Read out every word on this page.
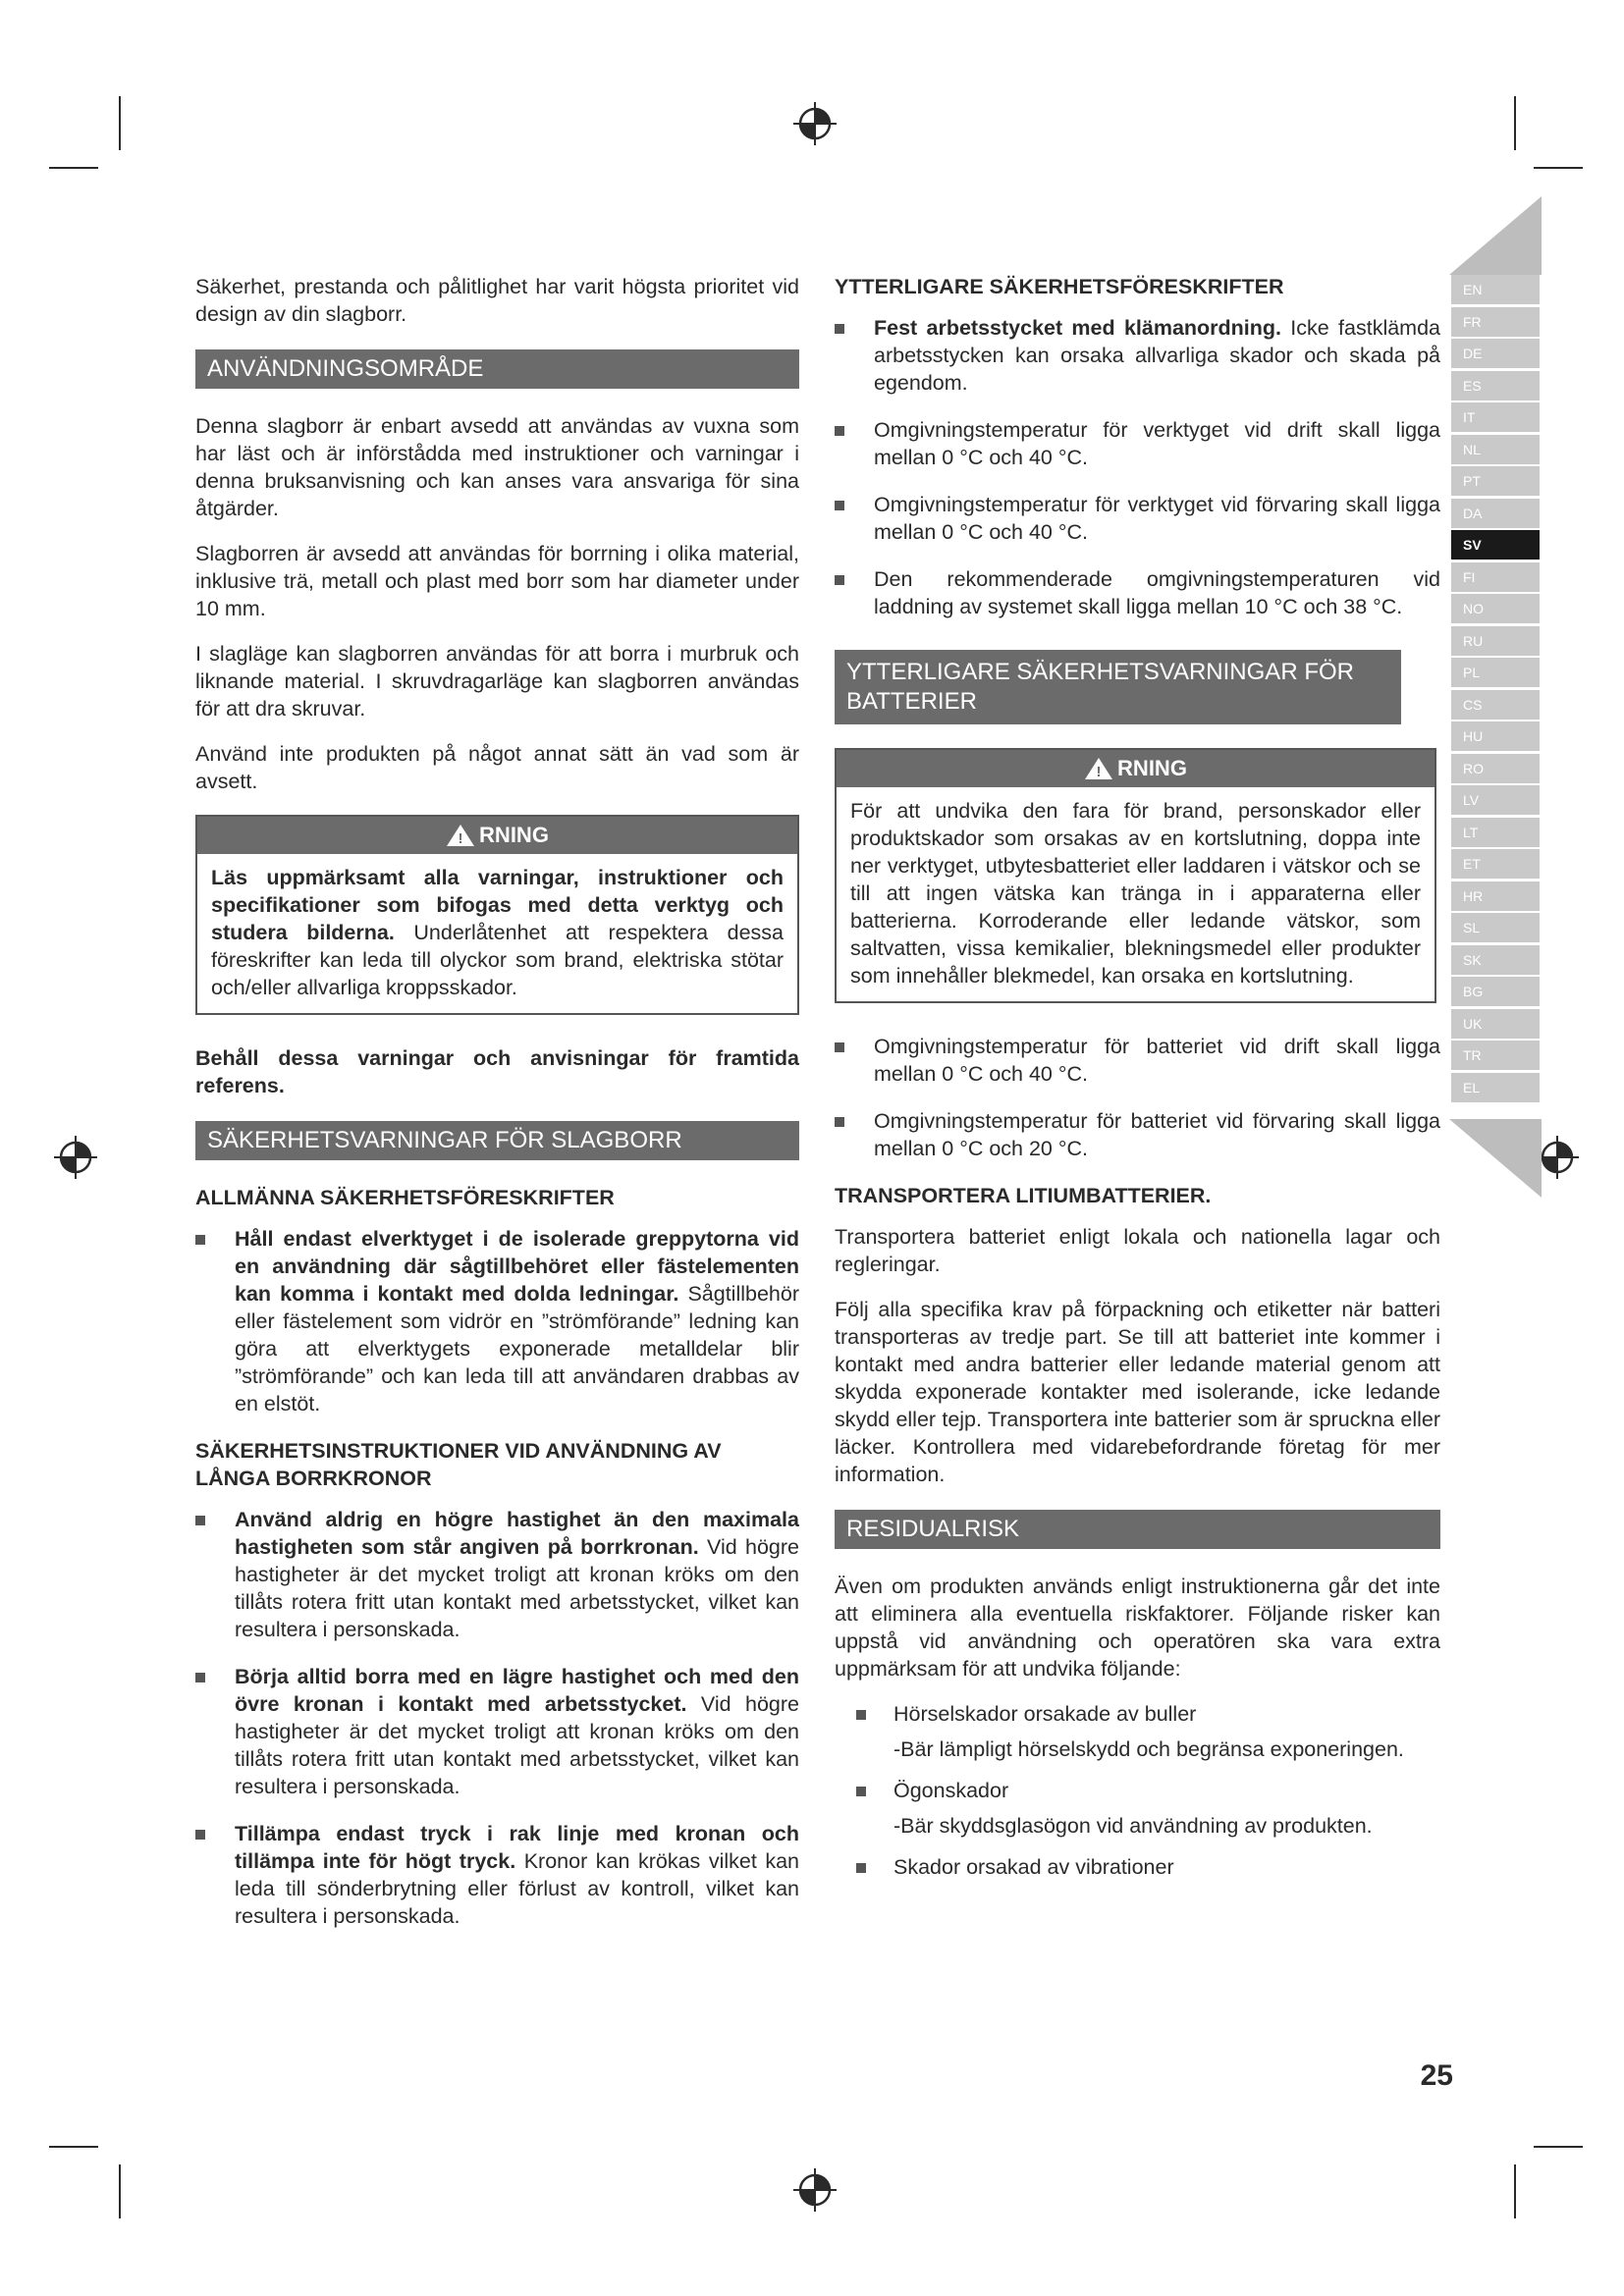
Säkerhet, prestanda och pålitlighet har varit högsta prioritet vid design av din slagborr.

ANVÄNDNINGSOMRÅDE

Denna slagborr är enbart avsedd att användas av vuxna som har läst och är införstådda med instruktioner och varningar i denna bruksanvisning och kan anses vara ansvariga för sina åtgärder.

Slagborren är avsedd att användas för borrning i olika material, inklusive trä, metall och plast med borr som har diameter under 10 mm.

I slagläge kan slagborren användas för att borra i murbruk och liknande material. I skruvdragarläge kan slagborren användas för att dra skruvar.

Använd inte produkten på något annat sätt än vad som är avsett.

! RNING
Läs uppmärksamt alla varningar, instruktioner och specifikationer som bifogas med detta verktyg och studera bilderna. Underlåtenhet att respektera dessa föreskrifter kan leda till olyckor som brand, elektriska stötar och/eller allvarliga kroppsskador.

Behåll dessa varningar och anvisningar för framtida referens.

SÄKERHETSVARNINGAR FÖR SLAGBORR
ALLMÄNNA SÄKERHETSFÖRESKRIFTER
Håll endast elverktyget i de isolerade greppytorna vid en användning där sågtillbehöret eller fästelementen kan komma i kontakt med dolda ledningar. Sågtillbehör eller fästelement som vidrör en ”strömförande” ledning kan göra att elverktygets exponerade metalldelar blir ”strömförande” och kan leda till att användaren drabbas av en elstöt.
SÄKERHETSINSTRUKTIONER VID ANVÄNDNING AV LÅNGA BORRKRONOR
Använd aldrig en högre hastighet än den maximala hastigheten som står angiven på borrkronan. Vid högre hastigheter är det mycket troligt att kronan kröks om den tillåts rotera fritt utan kontakt med arbetsstycket, vilket kan resultera i personskada.
Börja alltid borra med en lägre hastighet och med den övre kronan i kontakt med arbetsstycket. Vid högre hastigheter är det mycket troligt att kronan kröks om den tillåts rotera fritt utan kontakt med arbetsstycket, vilket kan resultera i personskada.
Tillämpa endast tryck i rak linje med kronan och tillämpa inte för högt tryck. Kronor kan krökas vilket kan leda till sönderbrytning eller förlust av kontroll, vilket kan resultera i personskada.
YTTERLIGARE SÄKERHETSFÖRESKRIFTER
Fest arbetsstycket med klämanordning. Icke fastklämda arbetsstycken kan orsaka allvarliga skador och skada på egendom.
Omgivningstemperatur för verktyget vid drift skall ligga mellan 0 °C och 40 °C.
Omgivningstemperatur för verktyget vid förvaring skall ligga mellan 0 °C och 40 °C.
Den rekommenderade omgivningstemperaturen vid laddning av systemet skall ligga mellan 10 °C och 38 °C.
YTTERLIGARE SÄKERHETSVARNINGAR FÖR BATTERIER
! RNING
För att undvika den fara för brand, personskador eller produktskador som orsakas av en kortslutning, doppa inte ner verktyget, utbytesbatteriet eller laddaren i vätskor och se till att ingen vätska kan tränga in i apparaterna eller batterierna. Korroderande eller ledande vätskor, som saltvatten, vissa kemikalier, blekningsmedel eller produkter som innehåller blekmedel, kan orsaka en kortslutning.
Omgivningstemperatur för batteriet vid drift skall ligga mellan 0 °C och 40 °C.
Omgivningstemperatur för batteriet vid förvaring skall ligga mellan 0 °C och 20 °C.
TRANSPORTERA LITIUMBATTERIER.

Transportera batteriet enligt lokala och nationella lagar och regleringar.

Följ alla specifika krav på förpackning och etiketter när batteri transporteras av tredje part. Se till att batteriet inte kommer i kontakt med andra batterier eller ledande material genom att skydda exponerade kontakter med isolerande, icke ledande skydd eller tejp. Transportera inte batterier som är spruckna eller läcker. Kontrollera med vidarebefordrande företag för mer information.

RESIDUALRISK

Även om produkten används enligt instruktionerna går det inte att eliminera alla eventuella riskfaktorer. Följande risker kan uppstå vid användning och operatören ska vara extra uppmärksam för att undvika följande:

Hörselskador orsakade av buller
-Bär lämpligt hörselskydd och begränsa exponeringen.
Ögonskador
-Bär skyddsglasögon vid användning av produkten.
Skador orsakad av vibrationer
EN
FR
DE
ES
IT
NL
PT
DA
SV
FI
NO
RU
PL
CS
HU
RO
LV
LT
ET
HR
SL
SK
BG
UK
TR
EL
25
